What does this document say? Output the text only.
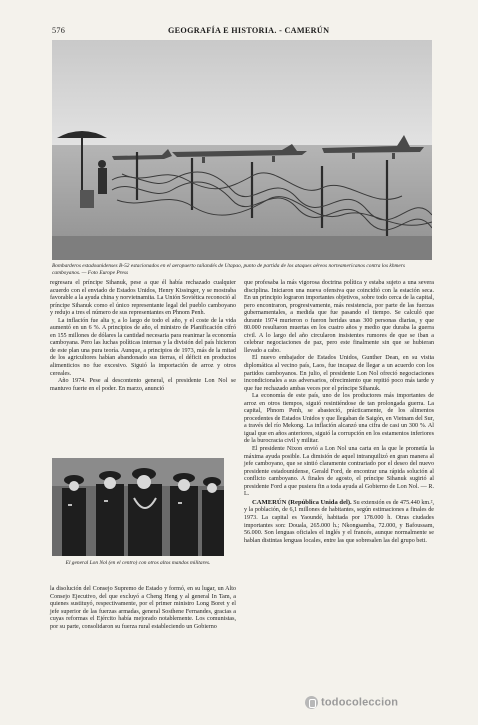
576	GEOGRAFÍA E HISTORIA. - CAMERÚN
Bombarderos estadounidenses B-52 estacionados en el aeropuerto tailandés de Utapao, punto de partida de los ataques aéreos norteamericanos contra los khmers camboyanos. — Foto Europe Press

regresara el príncipe Sihanuk, pese a que él había rechazado cualquier acuerdo con el enviado de Estados Unidos, Henry Kissinger, y se mostraba favorable a la ayuda china y norvietnamita. La Unión Soviética reconoció al príncipe Sihanuk como el único representante legal del pueblo camboyano y redujo a tres el número de sus representantes en Phnom Penh.

La inflación fue alta y, a lo largo de todo el año, y el coste de la vida aumentó en un 6 %. A principios de año, el ministro de Planificación cifró en 155 millones de dólares la cantidad necesaria para reanimar la economía camboyana. Pero las luchas políticas internas y la división del país hicieron de este plan una pura teoría. Aunque, a principios de 1973, más de la mitad de los agricultores habían abandonado sus tierras, el déficit en productos alimenticios no fue excesivo. Siguió la importación de arroz y otros cereales.

Año 1974. Pese al descontento general, el presidente Lon Nol se mantuvo fuerte en el poder. En marzo, anunció

El general Lon Nol (en el centro) con otros altos mandos militares.

la disolución del Consejo Supremo de Estado y formó, en su lugar, un Alto Consejo Ejecutivo, del que excluyó a Cheng Heng y al general In Tam, a quienes sustituyó, respectivamente, por el primer ministro Long Boret y el jefe superior de las fuerzas armadas, general Sosthene Fernandes, gracias a cuyas reformas el Ejército había mejorado notablemente. Los comunistas, por su parte, consolidaron su fuerza rural estableciendo un Gobierno

que profesaba la más vigorosa doctrina política y estaba sujeto a una severa disciplina. Iniciaron una nueva ofensiva que coincidió con la estación seca. En un principio lograron importantes objetivos, sobre todo cerca de la capital, pero encontraron, progresivamente, más resistencia, por parte de las fuerzas gubernamentales, a medida que fue pasando el tiempo. Se calculó que durante 1974 murieron o fueron heridas unas 300 personas diarias, y que 80.000 resultaron muertas en los cuatro años y medio que duraba la guerra civil. A lo largo del año circularon insistentes rumores de que se iban a celebrar negociaciones de paz, pero este finalmente sin que se hubieran llevado a cabo.

El nuevo embajador de Estados Unidos, Gunther Dean, en su visita diplomática al vecino país, Laos, fue incapaz de llegar a un acuerdo con los partidos camboyanos. En julio, el presidente Lon Nol ofreció negociaciones incondicionales a sus adversarios, ofrecimiento que repitió poco más tarde y que fue rechazado ambas veces por el príncipe Sihanuk.

La economía de este país, uno de los productores más importantes de arroz en otros tiempos, siguió resintiéndose de tan prolongada guerra. La capital, Phnom Penh, se abasteció, prácticamente, de los alimentos procedentes de Estados Unidos y que llegaban de Saigón, en Vietnam del Sur, a través del río Mekong. La inflación alcanzó una cifra de casi un 300 %. Al igual que en años anteriores, siguió la corrupción en los estamentos inferiores de la burocracia civil y militar.

El presidente Nixon envió a Lon Nol una carta en la que le prometía la máxima ayuda posible. La dimisión de aquel intranquilizó en gran manera al jefe camboyano, que se sintió claramente contrariado por el deseo del nuevo presidente estadounidense, Gerald Ford, de encontrar una rápida solución al conflicto camboyano. A finales de agosto, el príncipe Sihanuk sugirió al presidente Ford a que pusiera fin a toda ayuda al Gobierno de Lon Nol. — R. L.

CAMERÚN (República Unida del). Su extensión es de 475.440 km.², y la población, de 6,1 millones de habitantes, según estimaciones a finales de 1973. La capital es Yaoundé, habitada por 178.000 h. Otras ciudades importantes son: Douala, 265.000 h.; Nkongsamba, 72.000, y Bafoussam, 56.000. Son lenguas oficiales el inglés y el francés, aunque normalmente se hablan distintas lenguas locales, entre las que sobresalen las del grupo beti.

todocoleccion
